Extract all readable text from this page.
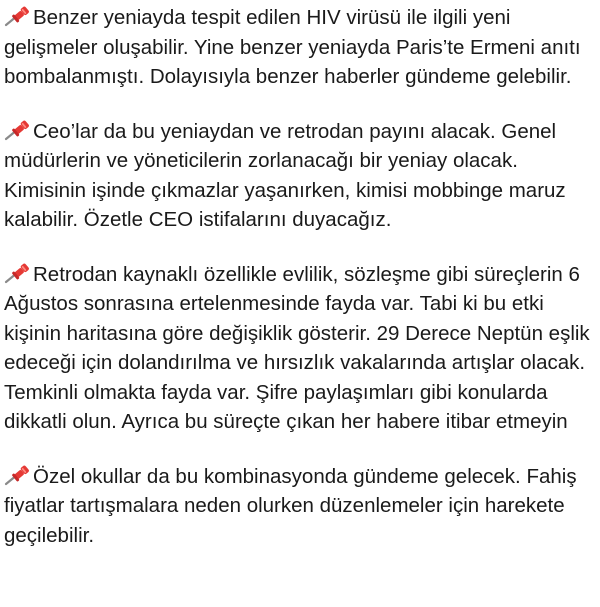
Benzer yeniayda tespit edilen HIV virüsü ile ilgili yeni gelişmeler oluşabilir. Yine benzer yeniayda Paris’te Ermeni anıtı bombalanmıştı. Dolayısıyla benzer haberler gündeme gelebilir.

Ceo’lar da bu yeniaydan ve retrodan payını alacak. Genel müdürlerin ve yöneticilerin zorlanacağı bir yeniay olacak. Kimisinin işinde çıkmazlar yaşanırken, kimisi mobbinge maruz kalabilir. Özetle CEO istifalarını duyacağız.

Retrodan kaynaklı özellikle evlilik, sözleşme gibi süreçlerin 6 Ağustos sonrasına ertelenmesinde fayda var. Tabi ki bu etki kişinin haritasına göre değişiklik gösterir. 29 Derece Neptün eşlik edeceği için dolandırılma ve hırsızlık vakalarında artışlar olacak. Temkinli olmakta fayda var. Şifre paylaşımları gibi konularda dikkatli olun. Ayrıca bu süreçte çıkan her habere itibar etmeyin

Özel okullar da bu kombinasyonda gündeme gelecek. Fahiş fiyatlar tartışmalara neden olurken düzenlemeler için harekete geçilebilir.
